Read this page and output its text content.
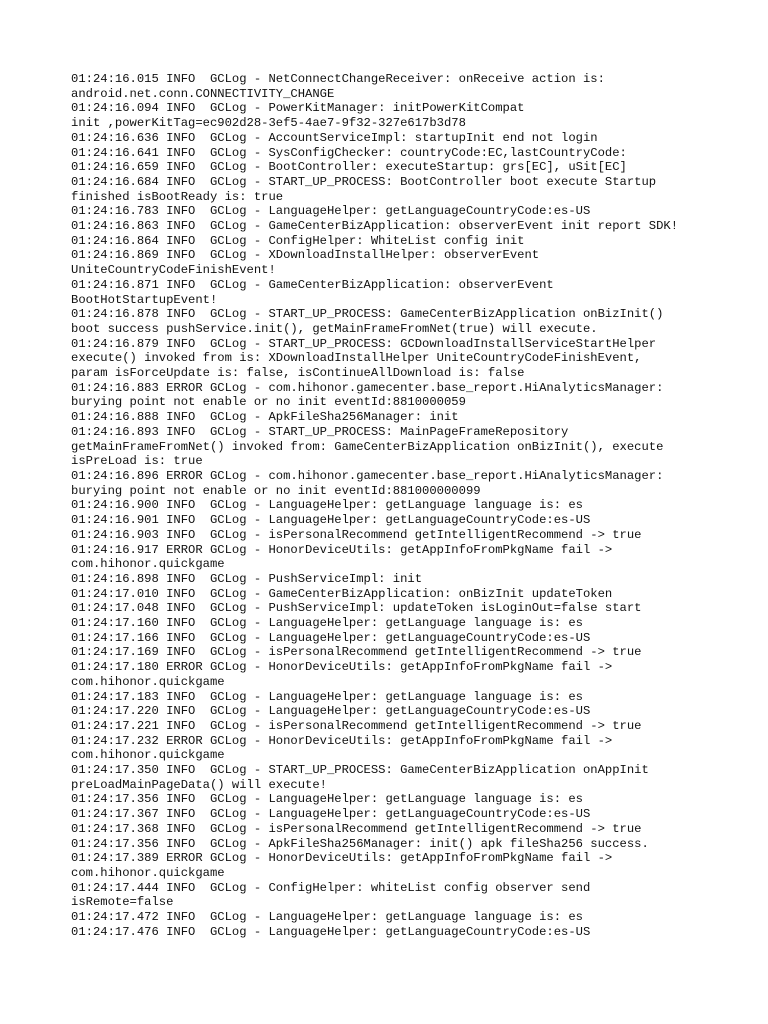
01:24:16.015 INFO  GCLog - NetConnectChangeReceiver: onReceive action is:
android.net.conn.CONNECTIVITY_CHANGE
01:24:16.094 INFO  GCLog - PowerKitManager: initPowerKitCompat
init ,powerKitTag=ec902d28-3ef5-4ae7-9f32-327e617b3d78
01:24:16.636 INFO  GCLog - AccountServiceImpl: startupInit end not login
01:24:16.641 INFO  GCLog - SysConfigChecker: countryCode:EC,lastCountryCode:
01:24:16.659 INFO  GCLog - BootController: executeStartup: grs[EC], uSit[EC]
01:24:16.684 INFO  GCLog - START_UP_PROCESS: BootController boot execute Startup
finished isBootReady is: true
01:24:16.783 INFO  GCLog - LanguageHelper: getLanguageCountryCode:es-US
01:24:16.863 INFO  GCLog - GameCenterBizApplication: observerEvent init report SDK!
01:24:16.864 INFO  GCLog - ConfigHelper: WhiteList config init
01:24:16.869 INFO  GCLog - XDownloadInstallHelper: observerEvent
UniteCountryCodeFinishEvent!
01:24:16.871 INFO  GCLog - GameCenterBizApplication: observerEvent
BootHotStartupEvent!
01:24:16.878 INFO  GCLog - START_UP_PROCESS: GameCenterBizApplication onBizInit()
boot success pushService.init(), getMainFrameFromNet(true) will execute.
01:24:16.879 INFO  GCLog - START_UP_PROCESS: GCDownloadInstallServiceStartHelper
execute() invoked from is: XDownloadInstallHelper UniteCountryCodeFinishEvent,
param isForceUpdate is: false, isContinueAllDownload is: false
01:24:16.883 ERROR GCLog - com.hihonor.gamecenter.base_report.HiAnalyticsManager:
burying point not enable or no init eventId:8810000059
01:24:16.888 INFO  GCLog - ApkFileSha256Manager: init
01:24:16.893 INFO  GCLog - START_UP_PROCESS: MainPageFrameRepository
getMainFrameFromNet() invoked from: GameCenterBizApplication onBizInit(), execute
isPreLoad is: true
01:24:16.896 ERROR GCLog - com.hihonor.gamecenter.base_report.HiAnalyticsManager:
burying point not enable or no init eventId:881000000099
01:24:16.900 INFO  GCLog - LanguageHelper: getLanguage language is: es
01:24:16.901 INFO  GCLog - LanguageHelper: getLanguageCountryCode:es-US
01:24:16.903 INFO  GCLog - isPersonalRecommend getIntelligentRecommend -> true
01:24:16.917 ERROR GCLog - HonorDeviceUtils: getAppInfoFromPkgName fail ->
com.hihonor.quickgame
01:24:16.898 INFO  GCLog - PushServiceImpl: init
01:24:17.010 INFO  GCLog - GameCenterBizApplication: onBizInit updateToken
01:24:17.048 INFO  GCLog - PushServiceImpl: updateToken isLoginOut=false start
01:24:17.160 INFO  GCLog - LanguageHelper: getLanguage language is: es
01:24:17.166 INFO  GCLog - LanguageHelper: getLanguageCountryCode:es-US
01:24:17.169 INFO  GCLog - isPersonalRecommend getIntelligentRecommend -> true
01:24:17.180 ERROR GCLog - HonorDeviceUtils: getAppInfoFromPkgName fail ->
com.hihonor.quickgame
01:24:17.183 INFO  GCLog - LanguageHelper: getLanguage language is: es
01:24:17.220 INFO  GCLog - LanguageHelper: getLanguageCountryCode:es-US
01:24:17.221 INFO  GCLog - isPersonalRecommend getIntelligentRecommend -> true
01:24:17.232 ERROR GCLog - HonorDeviceUtils: getAppInfoFromPkgName fail ->
com.hihonor.quickgame
01:24:17.350 INFO  GCLog - START_UP_PROCESS: GameCenterBizApplication onAppInit
preLoadMainPageData() will execute!
01:24:17.356 INFO  GCLog - LanguageHelper: getLanguage language is: es
01:24:17.367 INFO  GCLog - LanguageHelper: getLanguageCountryCode:es-US
01:24:17.368 INFO  GCLog - isPersonalRecommend getIntelligentRecommend -> true
01:24:17.356 INFO  GCLog - ApkFileSha256Manager: init() apk fileSha256 success.
01:24:17.389 ERROR GCLog - HonorDeviceUtils: getAppInfoFromPkgName fail ->
com.hihonor.quickgame
01:24:17.444 INFO  GCLog - ConfigHelper: whiteList config observer send
isRemote=false
01:24:17.472 INFO  GCLog - LanguageHelper: getLanguage language is: es
01:24:17.476 INFO  GCLog - LanguageHelper: getLanguageCountryCode:es-US
